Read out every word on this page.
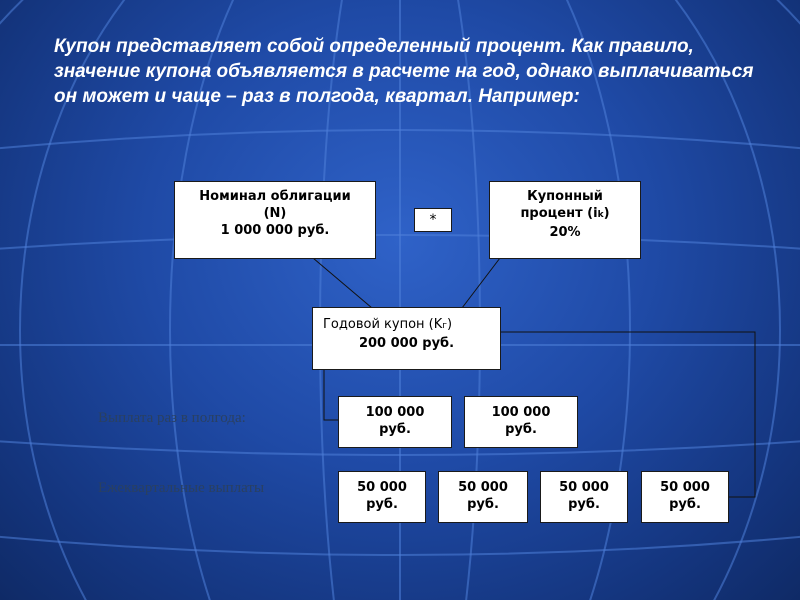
Купон представляет собой определенный процент. Как правило, значение купона объявляется в расчете на год, однако выплачиваться он может и чаще – раз в полгода, квартал. Например:

Номинал облигации
(N)
1 000 000 руб.
*
Купонный
процент (ik)
20%
Годовой купон (Kг)
200 000 руб.
Выплата раз в полгода:	100 000
руб.
100 000
руб.
Ежеквартальные выплаты	50 000
руб.
50 000
руб.
50 000
руб.
50 000
руб.
